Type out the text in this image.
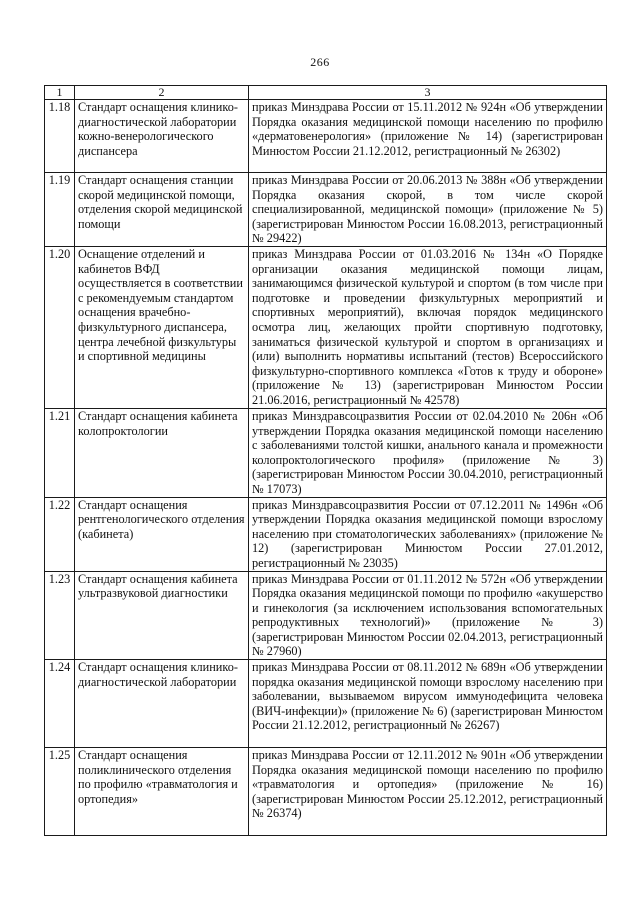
266
1	2	3
1.18	Стандарт оснащения клинико-диагностической лаборатории кожно-венерологического диспансера	приказ Минздрава России от 15.11.2012 № 924н «Об утверждении Порядка оказания медицинской помощи населению по профилю «дерматовенерология» (приложение № 14) (зарегистрирован Минюстом России 21.12.2012, регистрационный № 26302)
1.19	Стандарт оснащения станции скорой медицинской помощи, отделения скорой медицинской помощи	приказ Минздрава России от 20.06.2013 № 388н «Об утверждении Порядка оказания скорой, в том числе скорой специализированной, медицинской помощи» (приложение № 5) (зарегистрирован Минюстом России 16.08.2013, регистрационный № 29422)
1.20	Оснащение отделений и кабинетов ВФД осуществляется в соответствии с рекомендуемым стандартом оснащения врачебно-физкультурного диспансера, центра лечебной физкультуры и спортивной медицины	приказ Минздрава России от 01.03.2016 № 134н «О Порядке организации оказания медицинской помощи лицам, занимающимся физической культурой и спортом (в том числе при подготовке и проведении физкультурных мероприятий и спортивных мероприятий), включая порядок медицинского осмотра лиц, желающих пройти спортивную подготовку, заниматься физической культурой и спортом в организациях и (или) выполнить нормативы испытаний (тестов) Всероссийского физкультурно-спортивного комплекса «Готов к труду и обороне» (приложение № 13) (зарегистрирован Минюстом России 21.06.2016, регистрационный № 42578)
1.21	Стандарт оснащения кабинета колопроктологии	приказ Минздравсоцразвития России от 02.04.2010 № 206н «Об утверждении Порядка оказания медицинской помощи населению с заболеваниями толстой кишки, анального канала и промежности колопроктологического профиля» (приложение № 3) (зарегистрирован Минюстом России 30.04.2010, регистрационный № 17073)
1.22	Стандарт оснащения рентгенологического отделения (кабинета)	приказ Минздравсоцразвития России от 07.12.2011 № 1496н «Об утверждении Порядка оказания медицинской помощи взрослому населению при стоматологических заболеваниях» (приложение № 12) (зарегистрирован Минюстом России 27.01.2012, регистрационный № 23035)
1.23	Стандарт оснащения кабинета ультразвуковой диагностики	приказ Минздрава России от 01.11.2012 № 572н «Об утверждении Порядка оказания медицинской помощи по профилю «акушерство и гинекология (за исключением использования вспомогательных репродуктивных технологий)» (приложение № 3) (зарегистрирован Минюстом России 02.04.2013, регистрационный № 27960)
1.24	Стандарт оснащения клинико-диагностической лаборатории	приказ Минздрава России от 08.11.2012 № 689н «Об утверждении порядка оказания медицинской помощи взрослому населению при заболевании, вызываемом вирусом иммунодефицита человека (ВИЧ-инфекции)» (приложение № 6) (зарегистрирован Минюстом России 21.12.2012, регистрационный № 26267)
1.25	Стандарт оснащения поликлинического отделения по профилю «травматология и ортопедия»	приказ Минздрава России от 12.11.2012 № 901н «Об утверждении Порядка оказания медицинской помощи населению по профилю «травматология и ортопедия» (приложение № 16) (зарегистрирован Минюстом России 25.12.2012, регистрационный № 26374)
